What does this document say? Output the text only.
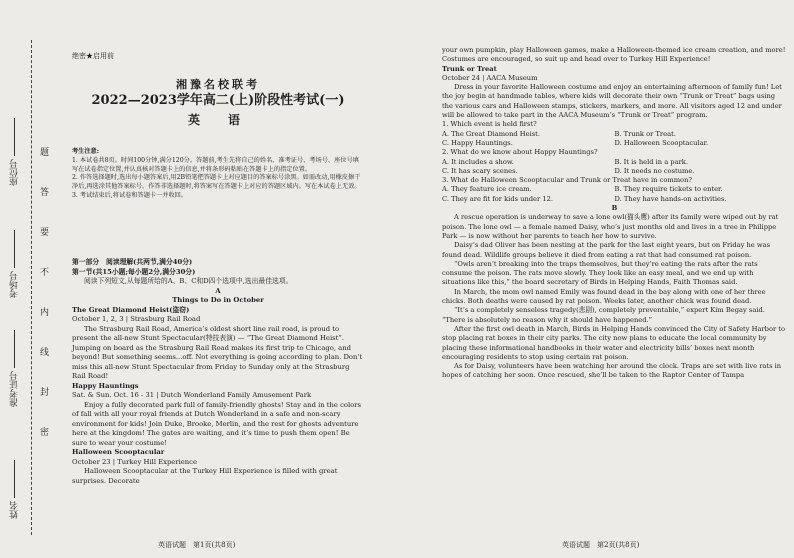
姓名
准考证号
考场号
座位号
密
封
线
内
不
要
答
题
绝密★启用前
湘豫名校联考
2022—2023学年高二(上)阶段性考试(一)
英　语

考生注意:

1. 本试卷共8页。时间100分钟,满分120分。答题前,考生先将自己的姓名、准考证号、考场号、座位号填写在试卷指定位置,并认真核对答题卡上的信息,并将条形码粘贴在答题卡上的指定位置。

2. 作答选择题时,选出每小题答案后,用2B铅笔把答题卡上对应题目的答案标号涂黑。如需改动,用橡皮擦干净后,再选涂其他答案标号。作答非选择题时,将答案写在答题卡上对应的答题区域内。写在本试卷上无效。

3. 考试结束后,将试卷和答题卡一并收回。

第一部分　阅读理解(共两节,满分40分)

第一节(共15小题;每小题2分,满分30分)

阅读下列短文,从每题所给的A、B、C和D四个选项中,选出最佳选项。

A

Things to Do in October

The Great Diamond Heist(盗窃)

October 1, 2, 3 | Strasburg Rail Road

The Strasburg Rail Road, America’s oldest short line rail road, is proud to present the all-new Stunt Spectacular(特技表演) — “The Great Diamond Heist”. Jumping on board as the Strasburg Rail Road makes its first trip to Chicago, and beyond! But something seems...off. Not everything is going according to plan. Don’t miss this all-new Stunt Spectacular from Friday to Sunday only at the Strasburg Rail Road!

Happy Hauntings

Sat. & Sun. Oct. 16 - 31 | Dutch Wonderland Family Amusement Park

Enjoy a fully decorated park full of family-friendly ghosts! Stay and in the colors of fall with all your royal friends at Dutch Wonderland in a safe and non-scary environment for kids! Join Duke, Brooke, Merlin, and the rest for ghosts adventure here at the kingdom! The gates are waiting, and it’s time to push them open! Be sure to wear your costume!

Halloween Scooptacular

October 23 | Turkey Hill Experience

Halloween Scooptacular at the Turkey Hill Experience is filled with great surprises. Decorate

英语试题　第1页(共8页)

your own pumpkin, play Halloween games, make a Halloween-themed ice cream creation, and more! Costumes are encouraged, so suit up and head over to Turkey Hill Experience!

Trunk or Treat

October 24 | AACA Museum

Dress in your favorite Halloween costume and enjoy an entertaining afternoon of family fun! Let the joy begin at handmade tables, where kids will decorate their own “Trunk or Treat” bags using the various cars and Halloween stamps, stickers, markers, and more. All visitors aged 12 and under will be allowed to take part in the AACA Museum’s “Trunk or Treat” program.

1. Which event is held first?

A. The Great Diamond Heist.	B. Trunk or Treat.
C. Happy Hauntings.	D. Halloween Scooptacular.

2. What do we know about Happy Hauntings?

A. It includes a show.	B. It is held in a park.
C. It has scary scenes.	D. It needs no costume.

3. What do Halloween Scooptacular and Trunk or Treat have in common?

A. They feature ice cream.	B. They require tickets to enter.
C. They are fit for kids under 12.	D. They have hands-on activities.

B

A rescue operation is underway to save a lone owl(猫头鹰) after its family were wiped out by rat poison. The lone owl — a female named Daisy, who’s just months old and lives in a tree in Philippe Park — is now without her parents to teach her how to survive.

Daisy’s dad Oliver has been nesting at the park for the last eight years, but on Friday he was found dead. Wildlife groups believe it died from eating a rat that had consumed rat poison.

“Owls aren’t breaking into the traps themselves, but they’re eating the rats after the rats consume the poison. The rats move slowly. They look like an easy meal, and we end up with situations like this,” the board secretary of Birds in Helping Hands, Faith Thomas said.

In March, the mom owl named Emily was found dead in the bay along with one of her three chicks. Both deaths were caused by rat poison. Weeks later, another chick was found dead.

“It’s a completely senseless tragedy(悲剧), completely preventable,” expert Kim Begay said. “There is absolutely no reason why it should have happened.”

After the first owl death in March, Birds in Helping Hands convinced the City of Safety Harbor to stop placing rat boxes in their city parks. The city now plans to educate the local community by placing these informational handbooks in their water and electricity bills’ boxes next month encouraging residents to stop using certain rat poison.

As for Daisy, volunteers have been watching her around the clock. Traps are set with live rats in hopes of catching her soon. Once rescued, she’ll be taken to the Raptor Center of Tampa

英语试题　第2页(共8页)
